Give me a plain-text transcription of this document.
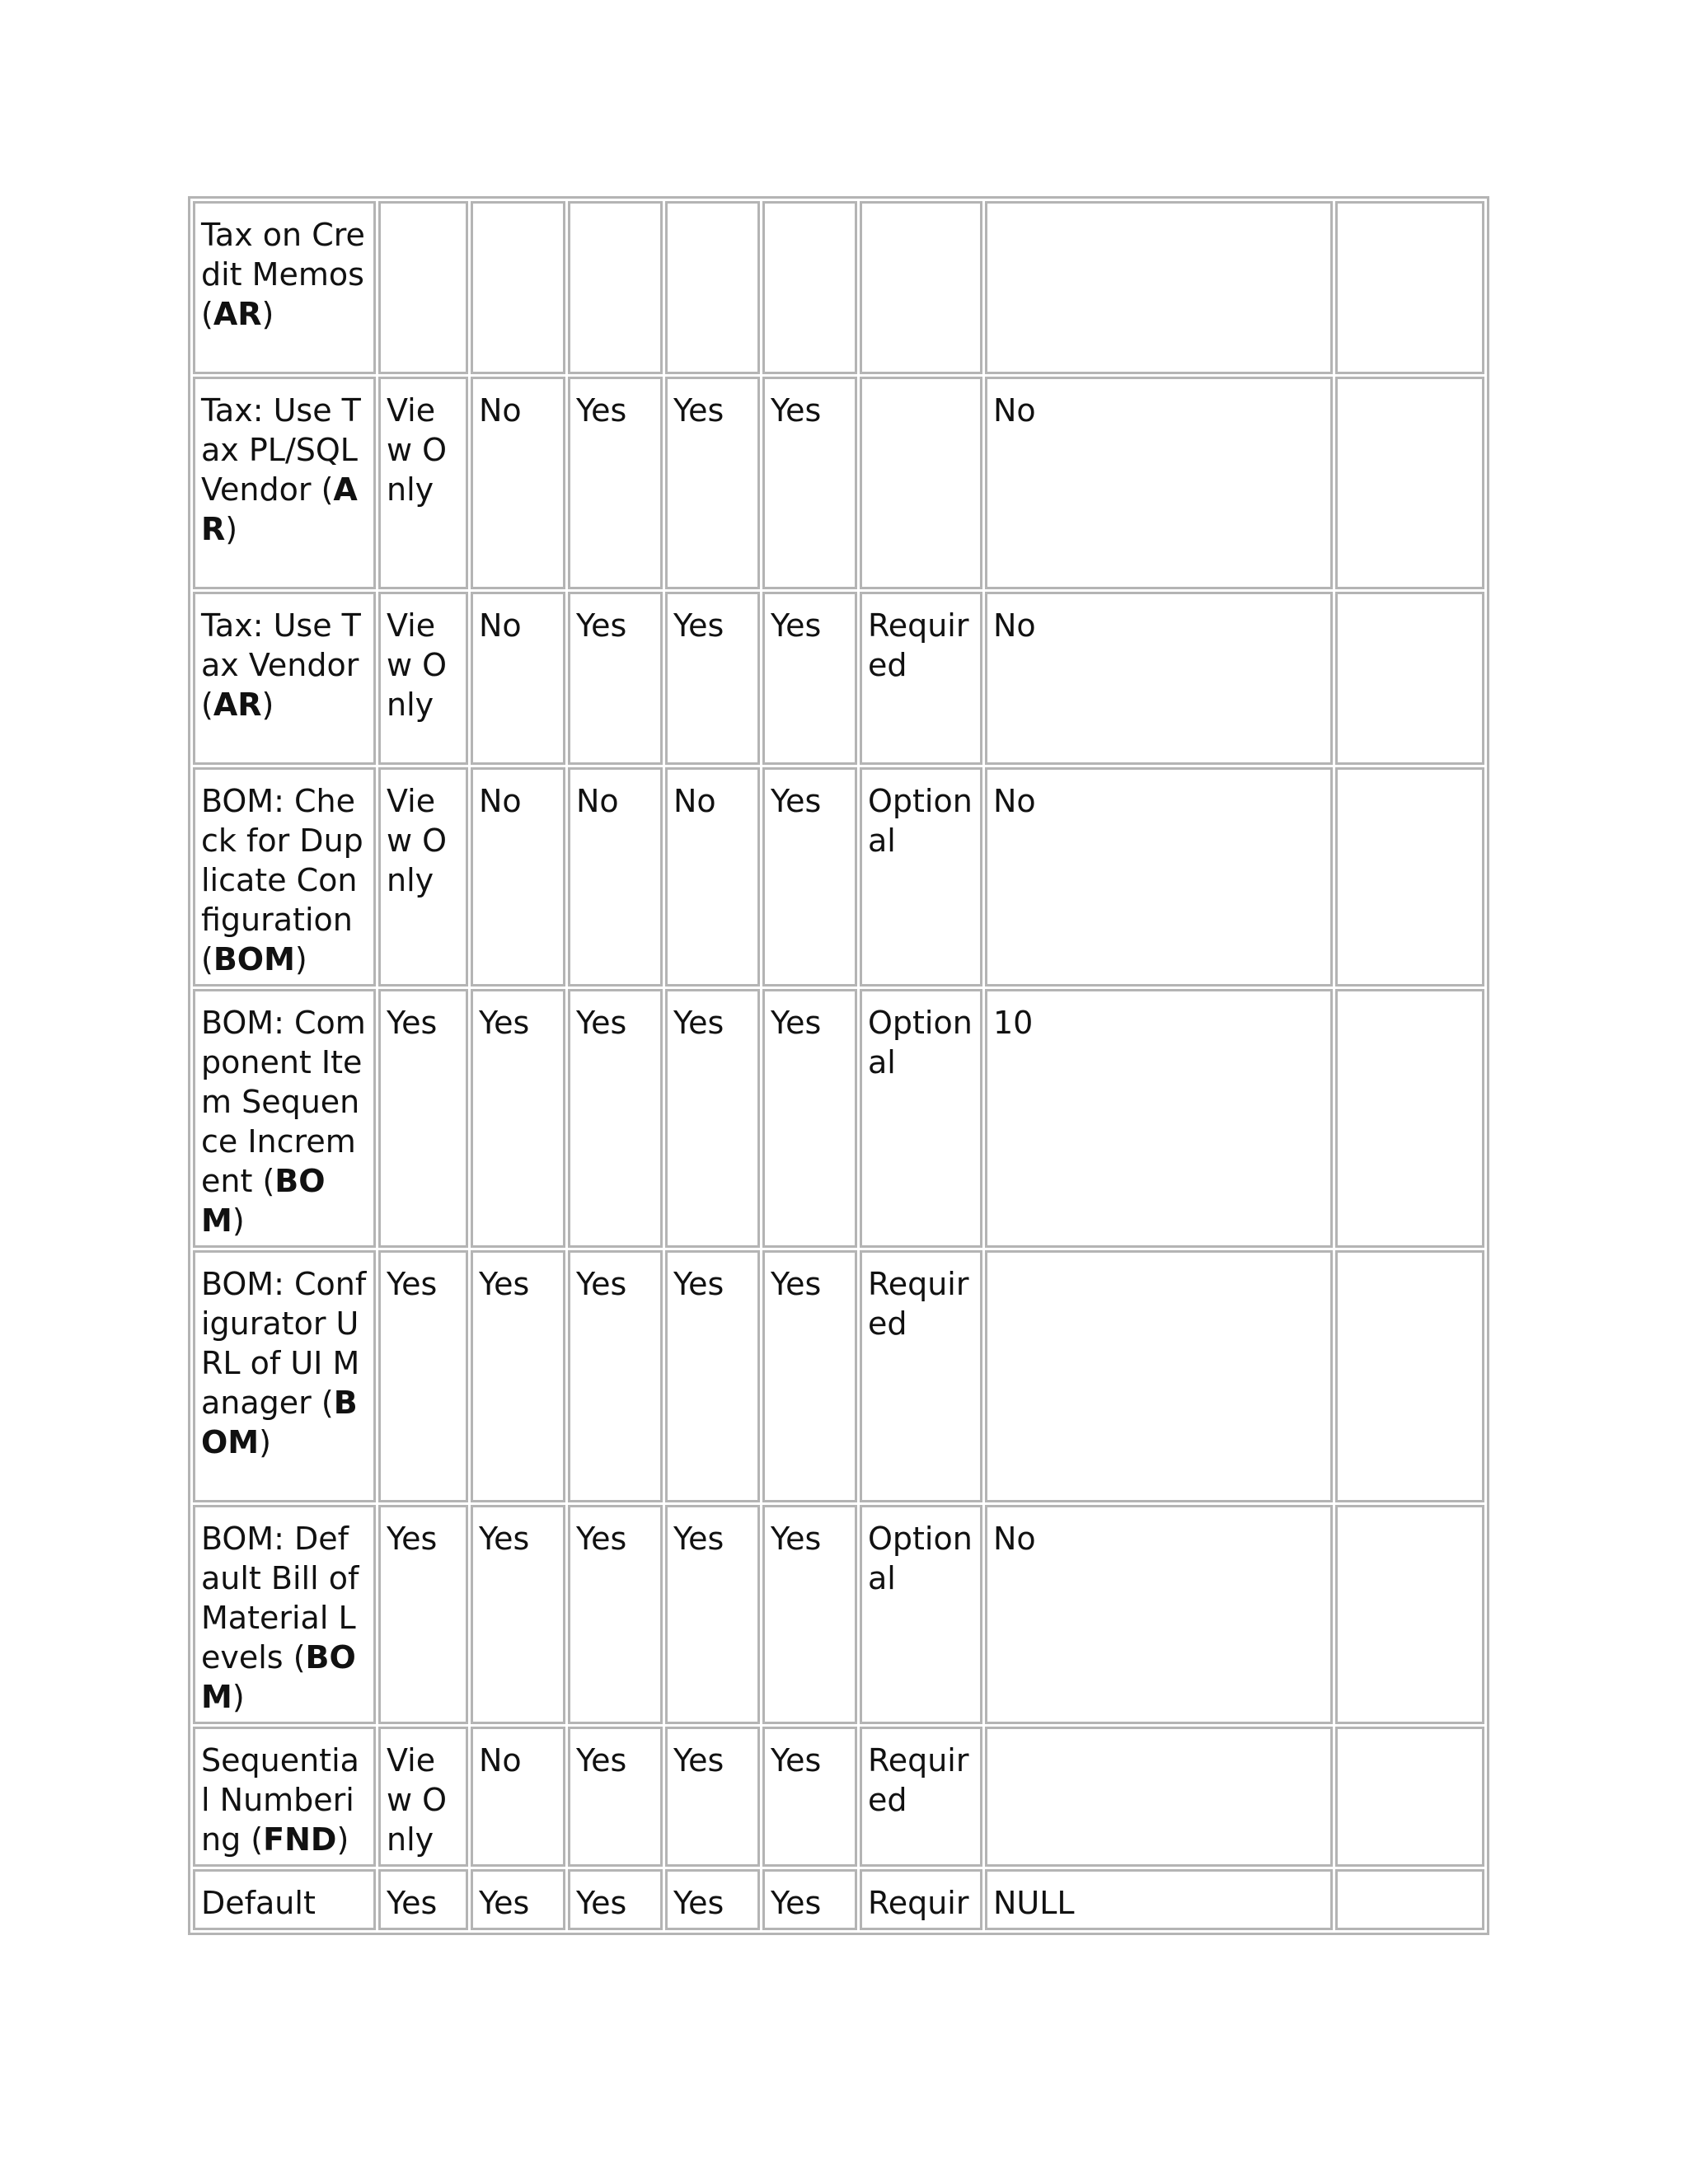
Tax on Credit Memos (AR)								
Tax: Use Tax PL/SQL Vendor (AR)	View Only	No	Yes	Yes	Yes		No	
Tax: Use Tax Vendor (AR)	View Only	No	Yes	Yes	Yes	Required	No	
BOM: Check for Duplicate Configuration (BOM)	View Only	No	No	No	Yes	Optional	No	
BOM: Component Item Sequence Increment (BOM)	Yes	Yes	Yes	Yes	Yes	Optional	10	
BOM: Configurator URL of UI Manager (BOM)	Yes	Yes	Yes	Yes	Yes	Required		
BOM: Default Bill of Material Levels (BOM)	Yes	Yes	Yes	Yes	Yes	Optional	No	
Sequential Numbering (FND)	View Only	No	Yes	Yes	Yes	Required		
Default	Yes	Yes	Yes	Yes	Yes	Requir	NULL	
